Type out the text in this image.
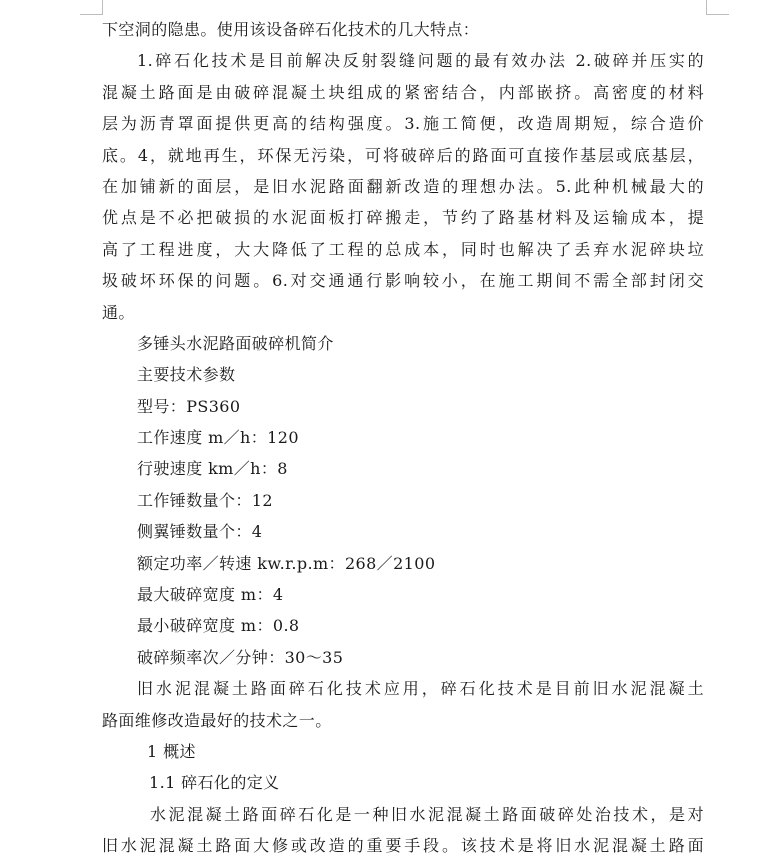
下空洞的隐患。使用该设备碎石化技术的几大特点：
1.碎石化技术是目前解决反射裂缝问题的最有效办法 2.破碎并压实的
混凝土路面是由破碎混凝土块组成的紧密结合，内部嵌挤。高密度的材料
层为沥青罩面提供更高的结构强度。3.施工简便，改造周期短，综合造价
底。4，就地再生，环保无污染，可将破碎后的路面可直接作基层或底基层，
在加铺新的面层，是旧水泥路面翻新改造的理想办法。5.此种机械最大的
优点是不必把破损的水泥面板打碎搬走，节约了路基材料及运输成本，提
高了工程进度，大大降低了工程的总成本，同时也解决了丢弃水泥碎块垃
圾破坏环保的问题。6.对交通通行影响较小，在施工期间不需全部封闭交
通。
多锤头水泥路面破碎机简介
主要技术参数
型号：PS360
工作速度 m／h：120
行驶速度 km／h：8
工作锤数量个：12
侧翼锤数量个：4
额定功率／转速 kw.r.p.m：268／2100
最大破碎宽度 m：4
最小破碎宽度 m：0.8
破碎频率次／分钟：30～35
旧水泥混凝土路面碎石化技术应用，碎石化技术是目前旧水泥混凝土
路面维修改造最好的技术之一。
1 概述
1.1 碎石化的定义
水泥混凝土路面碎石化是一种旧水泥混凝土路面破碎处治技术，是对
旧水泥混凝土路面大修或改造的重要手段。该技术是将旧水泥混凝土路面
